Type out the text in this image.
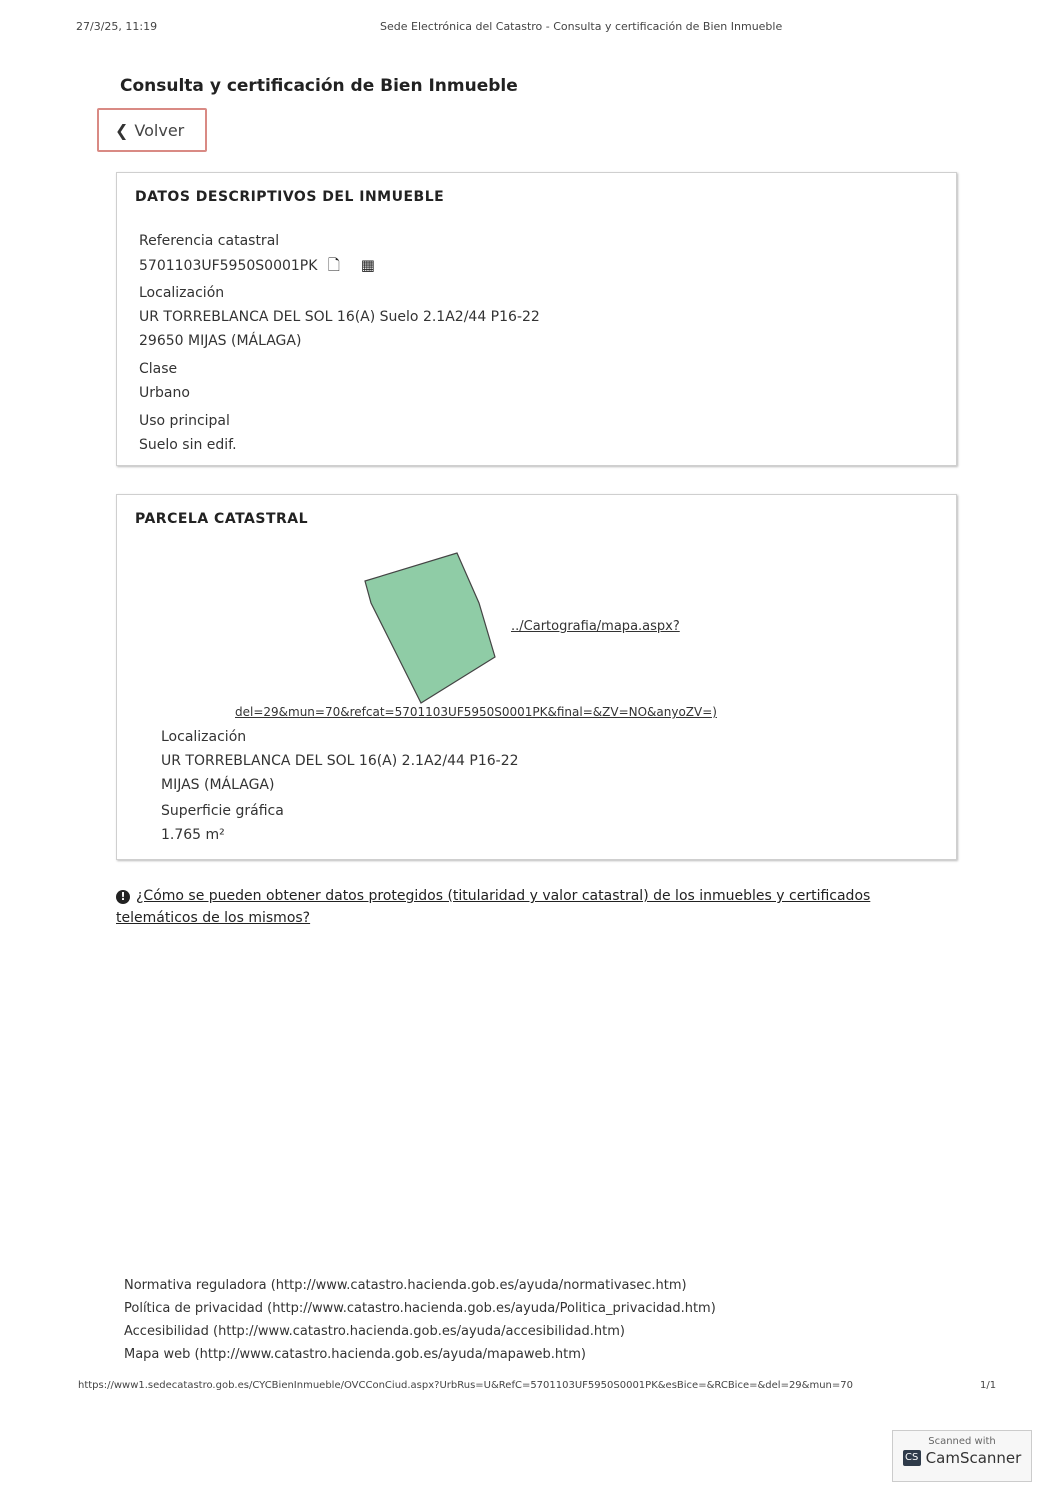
27/3/25, 11:19	Sede Electrónica del Catastro - Consulta y certificación de Bien Inmueble
Consulta y certificación de Bien Inmueble
❮ Volver
DATOS DESCRIPTIVOS DEL INMUEBLE
Referencia catastral
5701103UF5950S0001PK 🗋 ▦
Localización
UR TORREBLANCA DEL SOL 16(A) Suelo 2.1A2/44 P16-22
29650 MIJAS (MÁLAGA)
Clase
Urbano
Uso principal
Suelo sin edif.
PARCELA CATASTRAL
../Cartografia/mapa.aspx?
del=29&mun=70&refcat=5701103UF5950S0001PK&final=&ZV=NO&anyoZV=)
Localización
UR TORREBLANCA DEL SOL 16(A) 2.1A2/44 P16-22
MIJAS (MÁLAGA)
Superficie gráfica
1.765 m²
! ¿Cómo se pueden obtener datos protegidos (titularidad y valor catastral) de los inmuebles y certificados telemáticos de los mismos?
Normativa reguladora (http://www.catastro.hacienda.gob.es/ayuda/normativasec.htm)
Política de privacidad (http://www.catastro.hacienda.gob.es/ayuda/Politica_privacidad.htm)
Accesibilidad (http://www.catastro.hacienda.gob.es/ayuda/accesibilidad.htm)
Mapa web (http://www.catastro.hacienda.gob.es/ayuda/mapaweb.htm)
https://www1.sedecatastro.gob.es/CYCBienInmueble/OVCConCiud.aspx?UrbRus=U&RefC=5701103UF5950S0001PK&esBice=&RCBice=&del=29&mun=70	1/1
Scanned with
CS CamScanner
